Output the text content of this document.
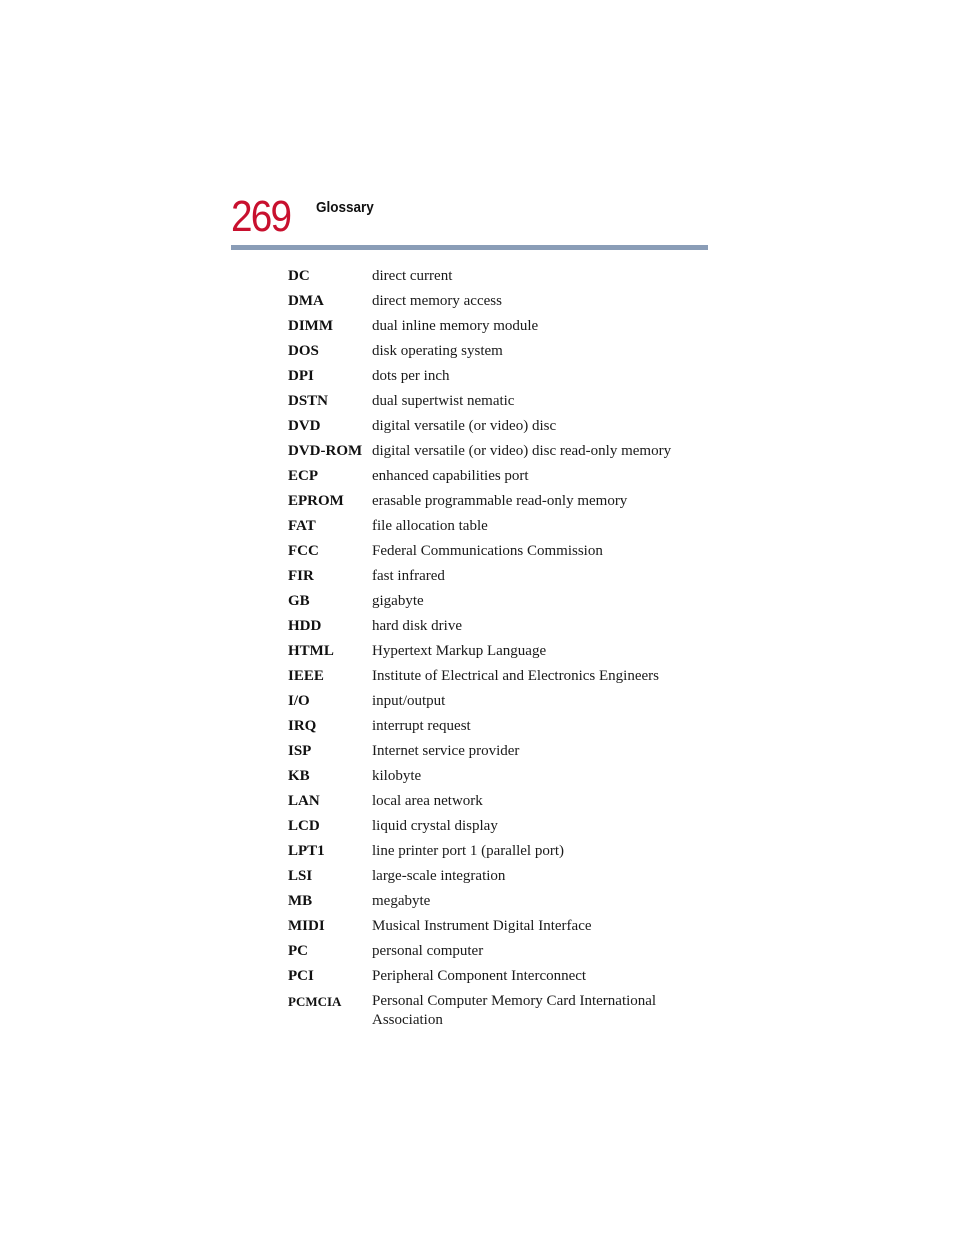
269 Glossary
DC	direct current
DMA	direct memory access
DIMM	dual inline memory module
DOS	disk operating system
DPI	dots per inch
DSTN	dual supertwist nematic
DVD	digital versatile (or video) disc
DVD-ROM digital versatile (or video) disc read-only memory
ECP	enhanced capabilities port
EPROM	erasable programmable read-only memory
FAT	file allocation table
FCC	Federal Communications Commission
FIR	fast infrared
GB	gigabyte
HDD	hard disk drive
HTML	Hypertext Markup Language
IEEE	Institute of Electrical and Electronics Engineers
I/O	input/output
IRQ	interrupt request
ISP	Internet service provider
KB	kilobyte
LAN	local area network
LCD	liquid crystal display
LPT1	line printer port 1 (parallel port)
LSI	large-scale integration
MB	megabyte
MIDI	Musical Instrument Digital Interface
PC	personal computer
PCI	Peripheral Component Interconnect
PCMCIA	Personal Computer Memory Card International Association
